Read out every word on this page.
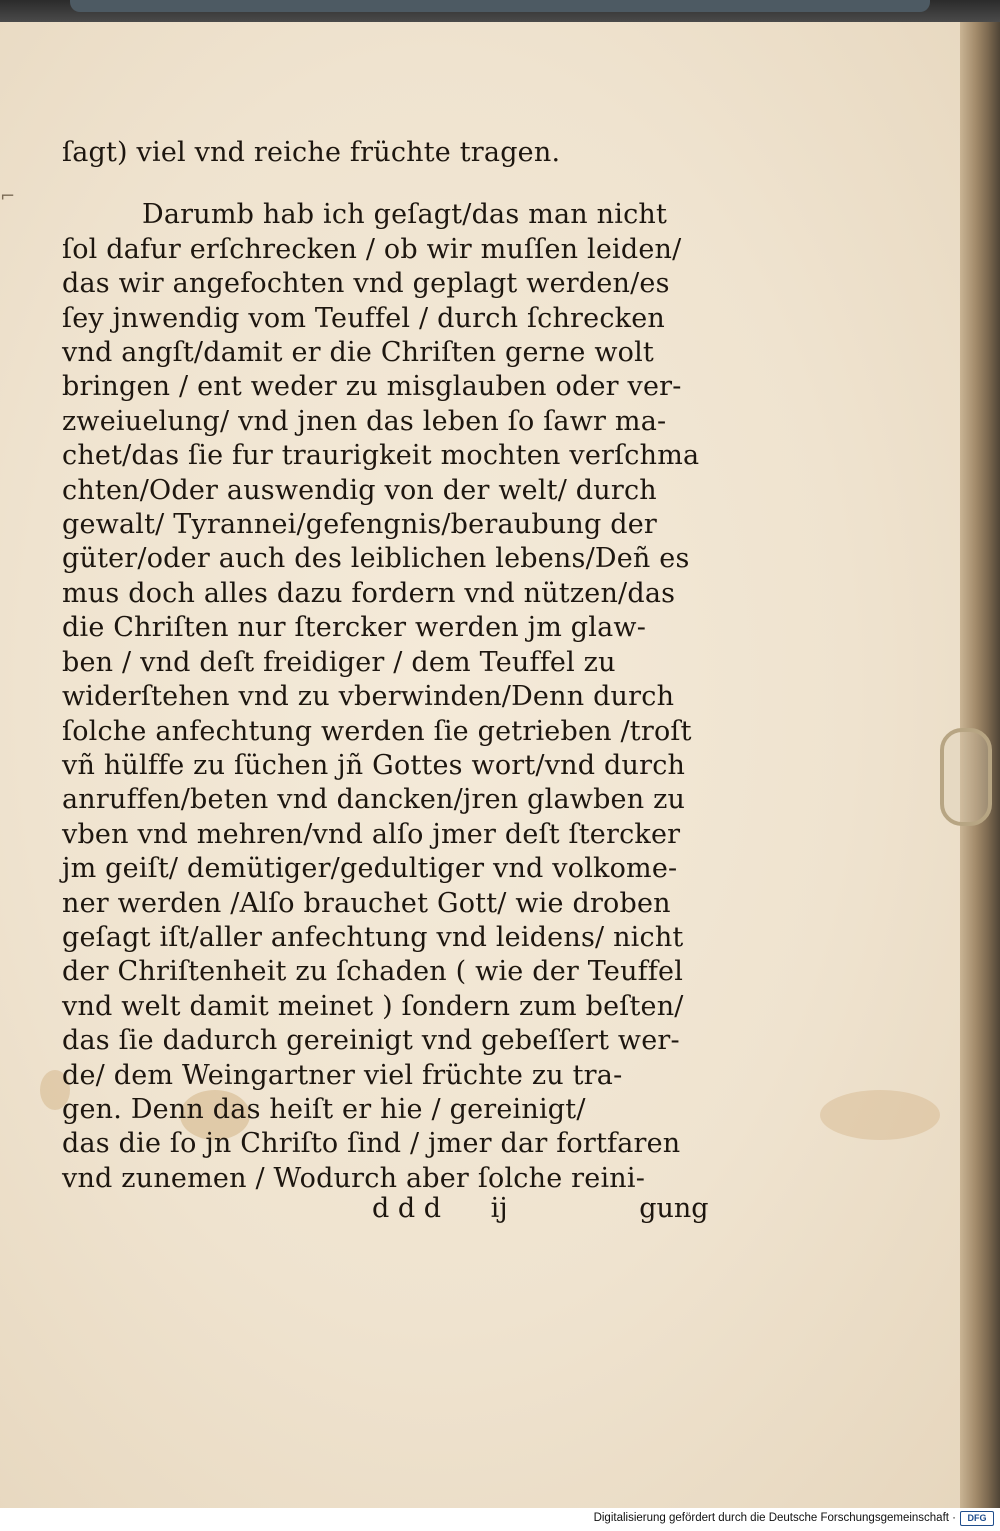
⌐
ſagt) viel vnd reiche früchte tragen.
Darumb hab ich geſagt/das man nicht
ſol dafur erſchrecken / ob wir muſſen leiden/
das wir angefochten vnd geplagt werden/es
ſey jnwendig vom Teuffel / durch ſchrecken
vnd angſt/damit er die Chriſten gerne wolt
bringen / ent weder zu misglauben oder ver-
zweiuelung/ vnd jnen das leben ſo ſawr ma-
chet/das ſie fur traurigkeit mochten verſchma
chten/Oder auswendig von der welt/ durch
gewalt/ Tyrannei/gefengnis/beraubung der
güter/oder auch des leiblichen lebens/Deñ es
mus doch alles dazu fordern vnd nützen/das
die Chriſten nur ſtercker werden jm glaw-
ben / vnd deſt freidiger / dem Teuffel zu
widerſtehen vnd zu vberwinden/Denn durch
ſolche anfechtung werden ſie getrieben /troſt
vñ hülffe zu ſüchen jñ Gottes wort/vnd durch
anruffen/beten vnd dancken/jren glawben zu
vben vnd mehren/vnd alſo jmer deſt ſtercker
jm geiſt/ demütiger/gedultiger vnd volkome-
ner werden /Alſo brauchet Gott/ wie droben
geſagt iſt/aller anfechtung vnd leidens/ nicht
der Chriſtenheit zu ſchaden ( wie der Teuffel
vnd welt damit meinet ) ſondern zum beſten/
das ſie dadurch gereinigt vnd gebeſſert wer-
de/ dem Weingartner viel früchte zu tra-
gen. Denn das heiſt er hie / gereinigt/
das die ſo jn Chriſto ſind / jmer dar fortfaren
vnd zunemen / Wodurch aber ſolche reini-
d d d ij	gung
Digitalisierung gefördert durch die Deutsche Forschungsgemeinschaft ·	DFG
